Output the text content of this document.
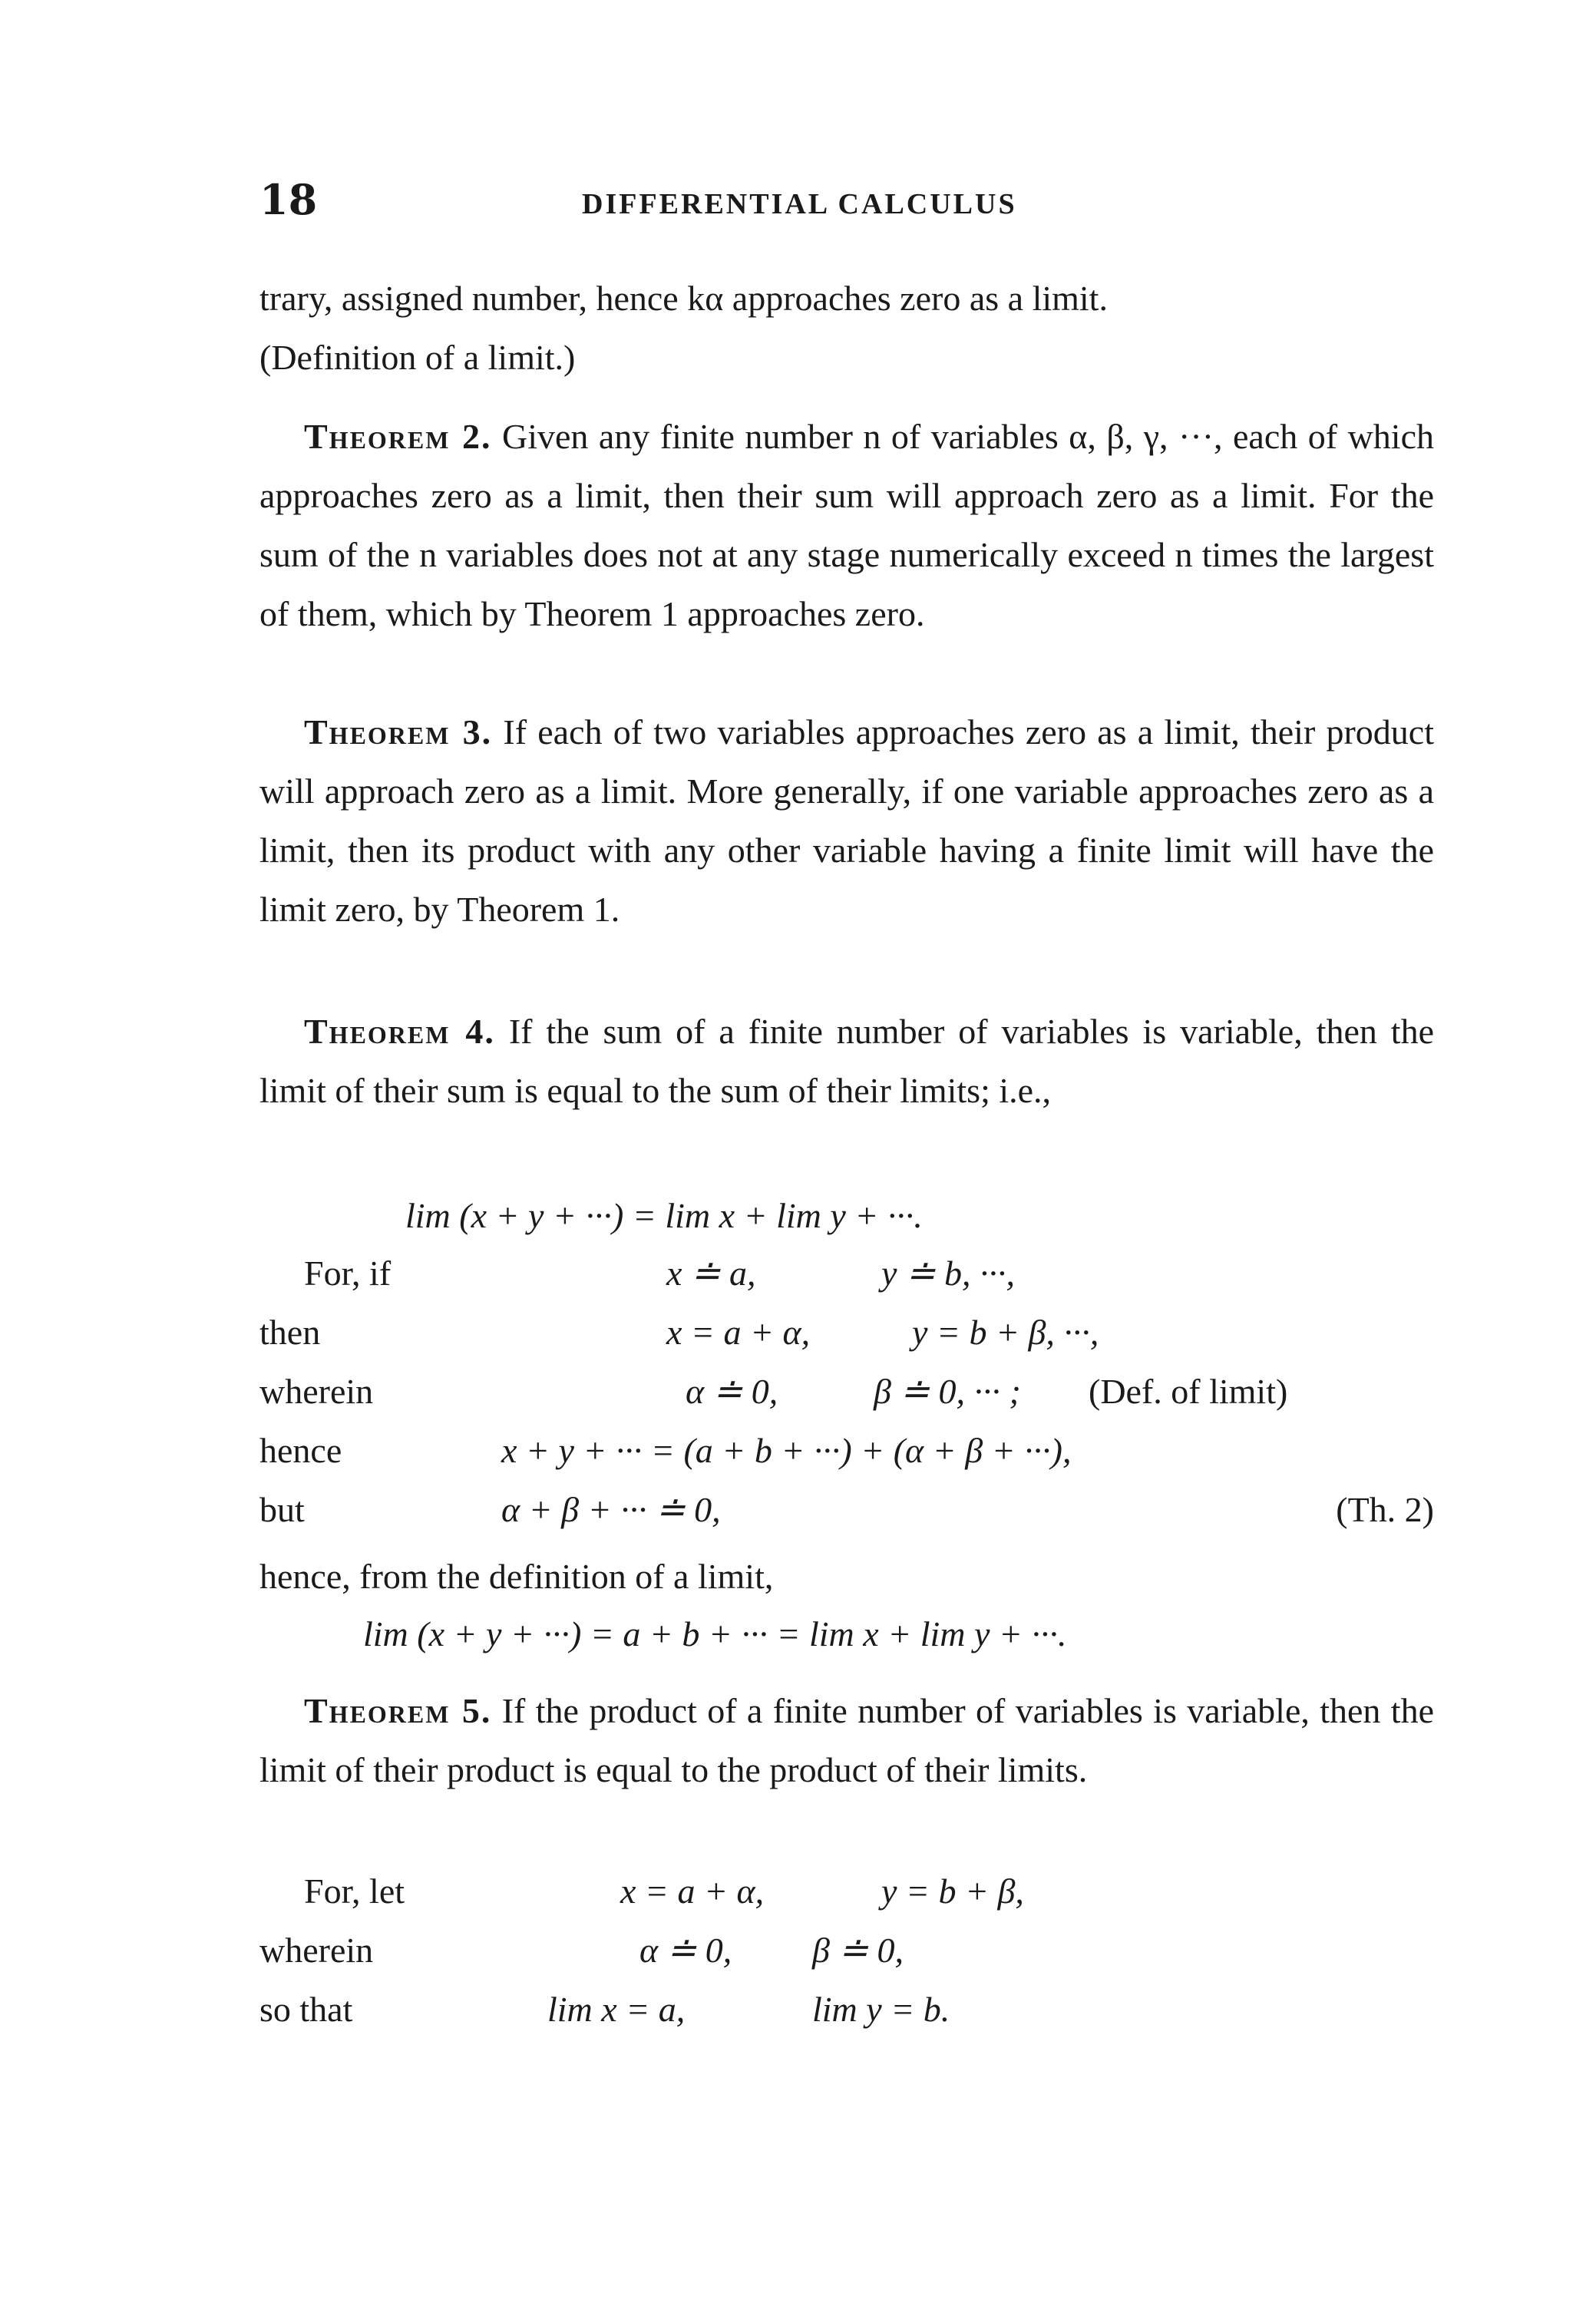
18	DIFFERENTIAL CALCULUS
trary, assigned number, hence kα approaches zero as a limit.
(Definition of a limit.)
Theorem 2. Given any finite number n of variables α, β, γ, ···, each of which approaches zero as a limit, then their sum will approach zero as a limit. For the sum of the n variables does not at any stage numerically exceed n times the largest of them, which by Theorem 1 approaches zero.
Theorem 3. If each of two variables approaches zero as a limit, their product will approach zero as a limit. More generally, if one variable approaches zero as a limit, then its product with any other variable having a finite limit will have the limit zero, by Theorem 1.
Theorem 4. If the sum of a finite number of variables is variable, then the limit of their sum is equal to the sum of their limits; i.e.,
lim (x + y + ···) = lim x + lim y + ···.
For, if	x ≐ a,	y ≐ b, ···,
then	x = a + α,	y = b + β, ···,
wherein	α ≐ 0,	β ≐ 0, ··· ; (Def. of limit)
hence	x + y + ··· = (a + b + ···) + (α + β + ···),
but	α + β + ··· ≐ 0,	(Th. 2)
hence, from the definition of a limit,
lim (x + y + ···) = a + b + ··· = lim x + lim y + ···.
Theorem 5. If the product of a finite number of variables is variable, then the limit of their product is equal to the product of their limits.
For, let	x = a + α,	y = b + β,
wherein	α ≐ 0, β ≐ 0,
so that	lim x = a,	lim y = b.
